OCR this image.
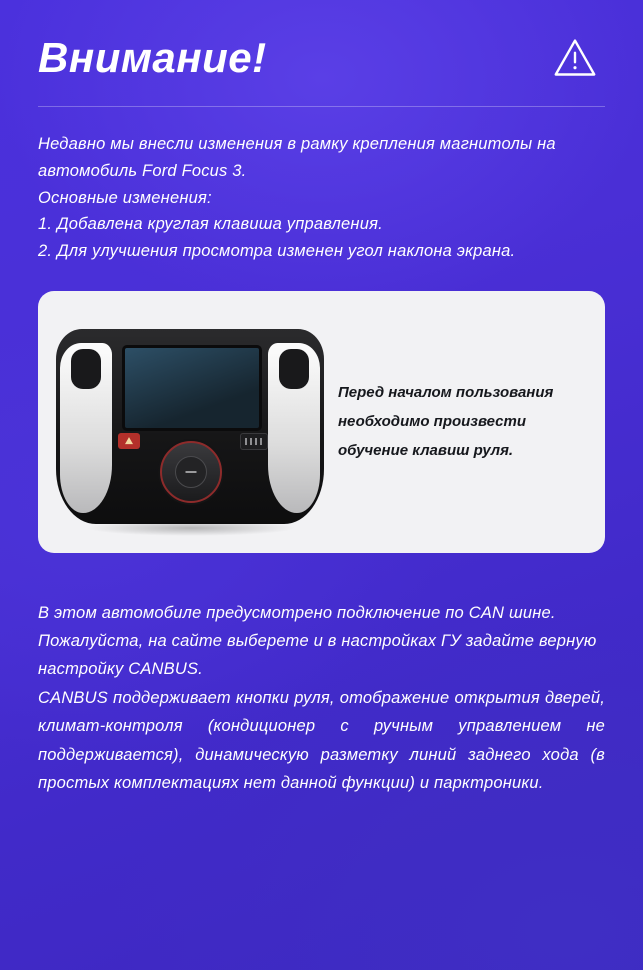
Внимание!

Недавно мы внесли изменения в рамку крепления магнитолы на автомобиль Ford Focus 3.

Основные изменения:

1. Добавлена круглая клавиша управления.

2. Для улучшения просмотра изменен угол наклона экрана.

Перед началом пользования
необходимо произвести
обучение клавиш руля.

В этом автомобиле предусмотрено подключение по CAN шине. Пожалуйста, на сайте выберете и в настройках ГУ задайте верную настройку CANBUS.

CANBUS поддерживает кнопки руля, отображение открытия дверей, климат-контроля (кондиционер с ручным управлением не поддерживается), динамическую разметку линий заднего хода (в простых комплектациях нет данной функции) и парктроники.
